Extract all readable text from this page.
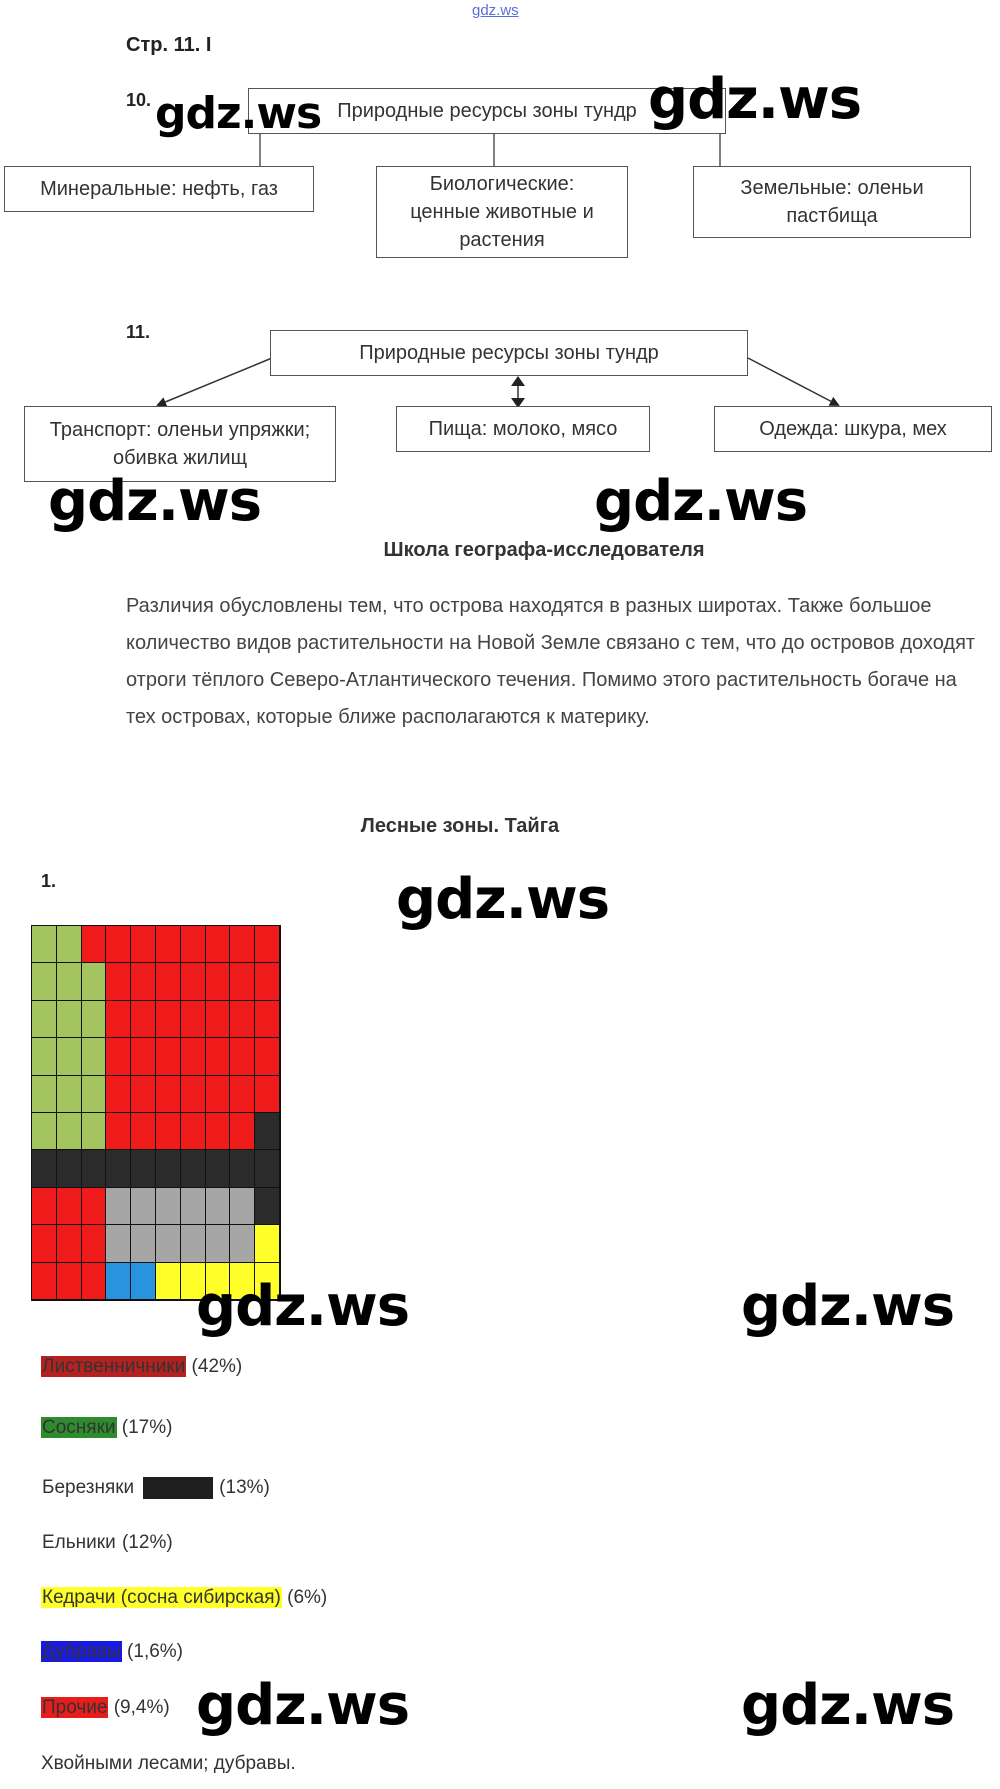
gdz.ws
Стр. 11. I
10.	Природные ресурсы зоны тундр
Минеральные: нефть, газ	Биологические:
ценные животные и
растения
Земельные: оленьи
пастбища
11.
Природные ресурсы зоны тундр
Транспорт: оленьи упряжки;
обивка жилищ
Пища: молоко, мясо	Одежда: шкура, мех
Школа географа-исследователя
Различия обусловлены тем, что острова находятся в разных широтах. Также большое количество видов растительности на Новой Земле связано с тем, что до островов доходят отроги тёплого Северо-Атлантического течения. Помимо этого растительность богаче на тех островах, которые ближе располагаются к материку.
Лесные зоны. Тайга
1.
Лиственничники (42%)
Сосняки (17%)
Березняки	(13%)
Ельники (12%)
Кедрачи (сосна сибирская) (6%)
Дубравы (1,6%)
Прочие (9,4%)
Хвойными лесами; дубравы.
gdz.ws	gdz.ws
gdz.ws	gdz.ws
gdz.ws
gdz.ws	gdz.ws
gdz.ws	gdz.ws
